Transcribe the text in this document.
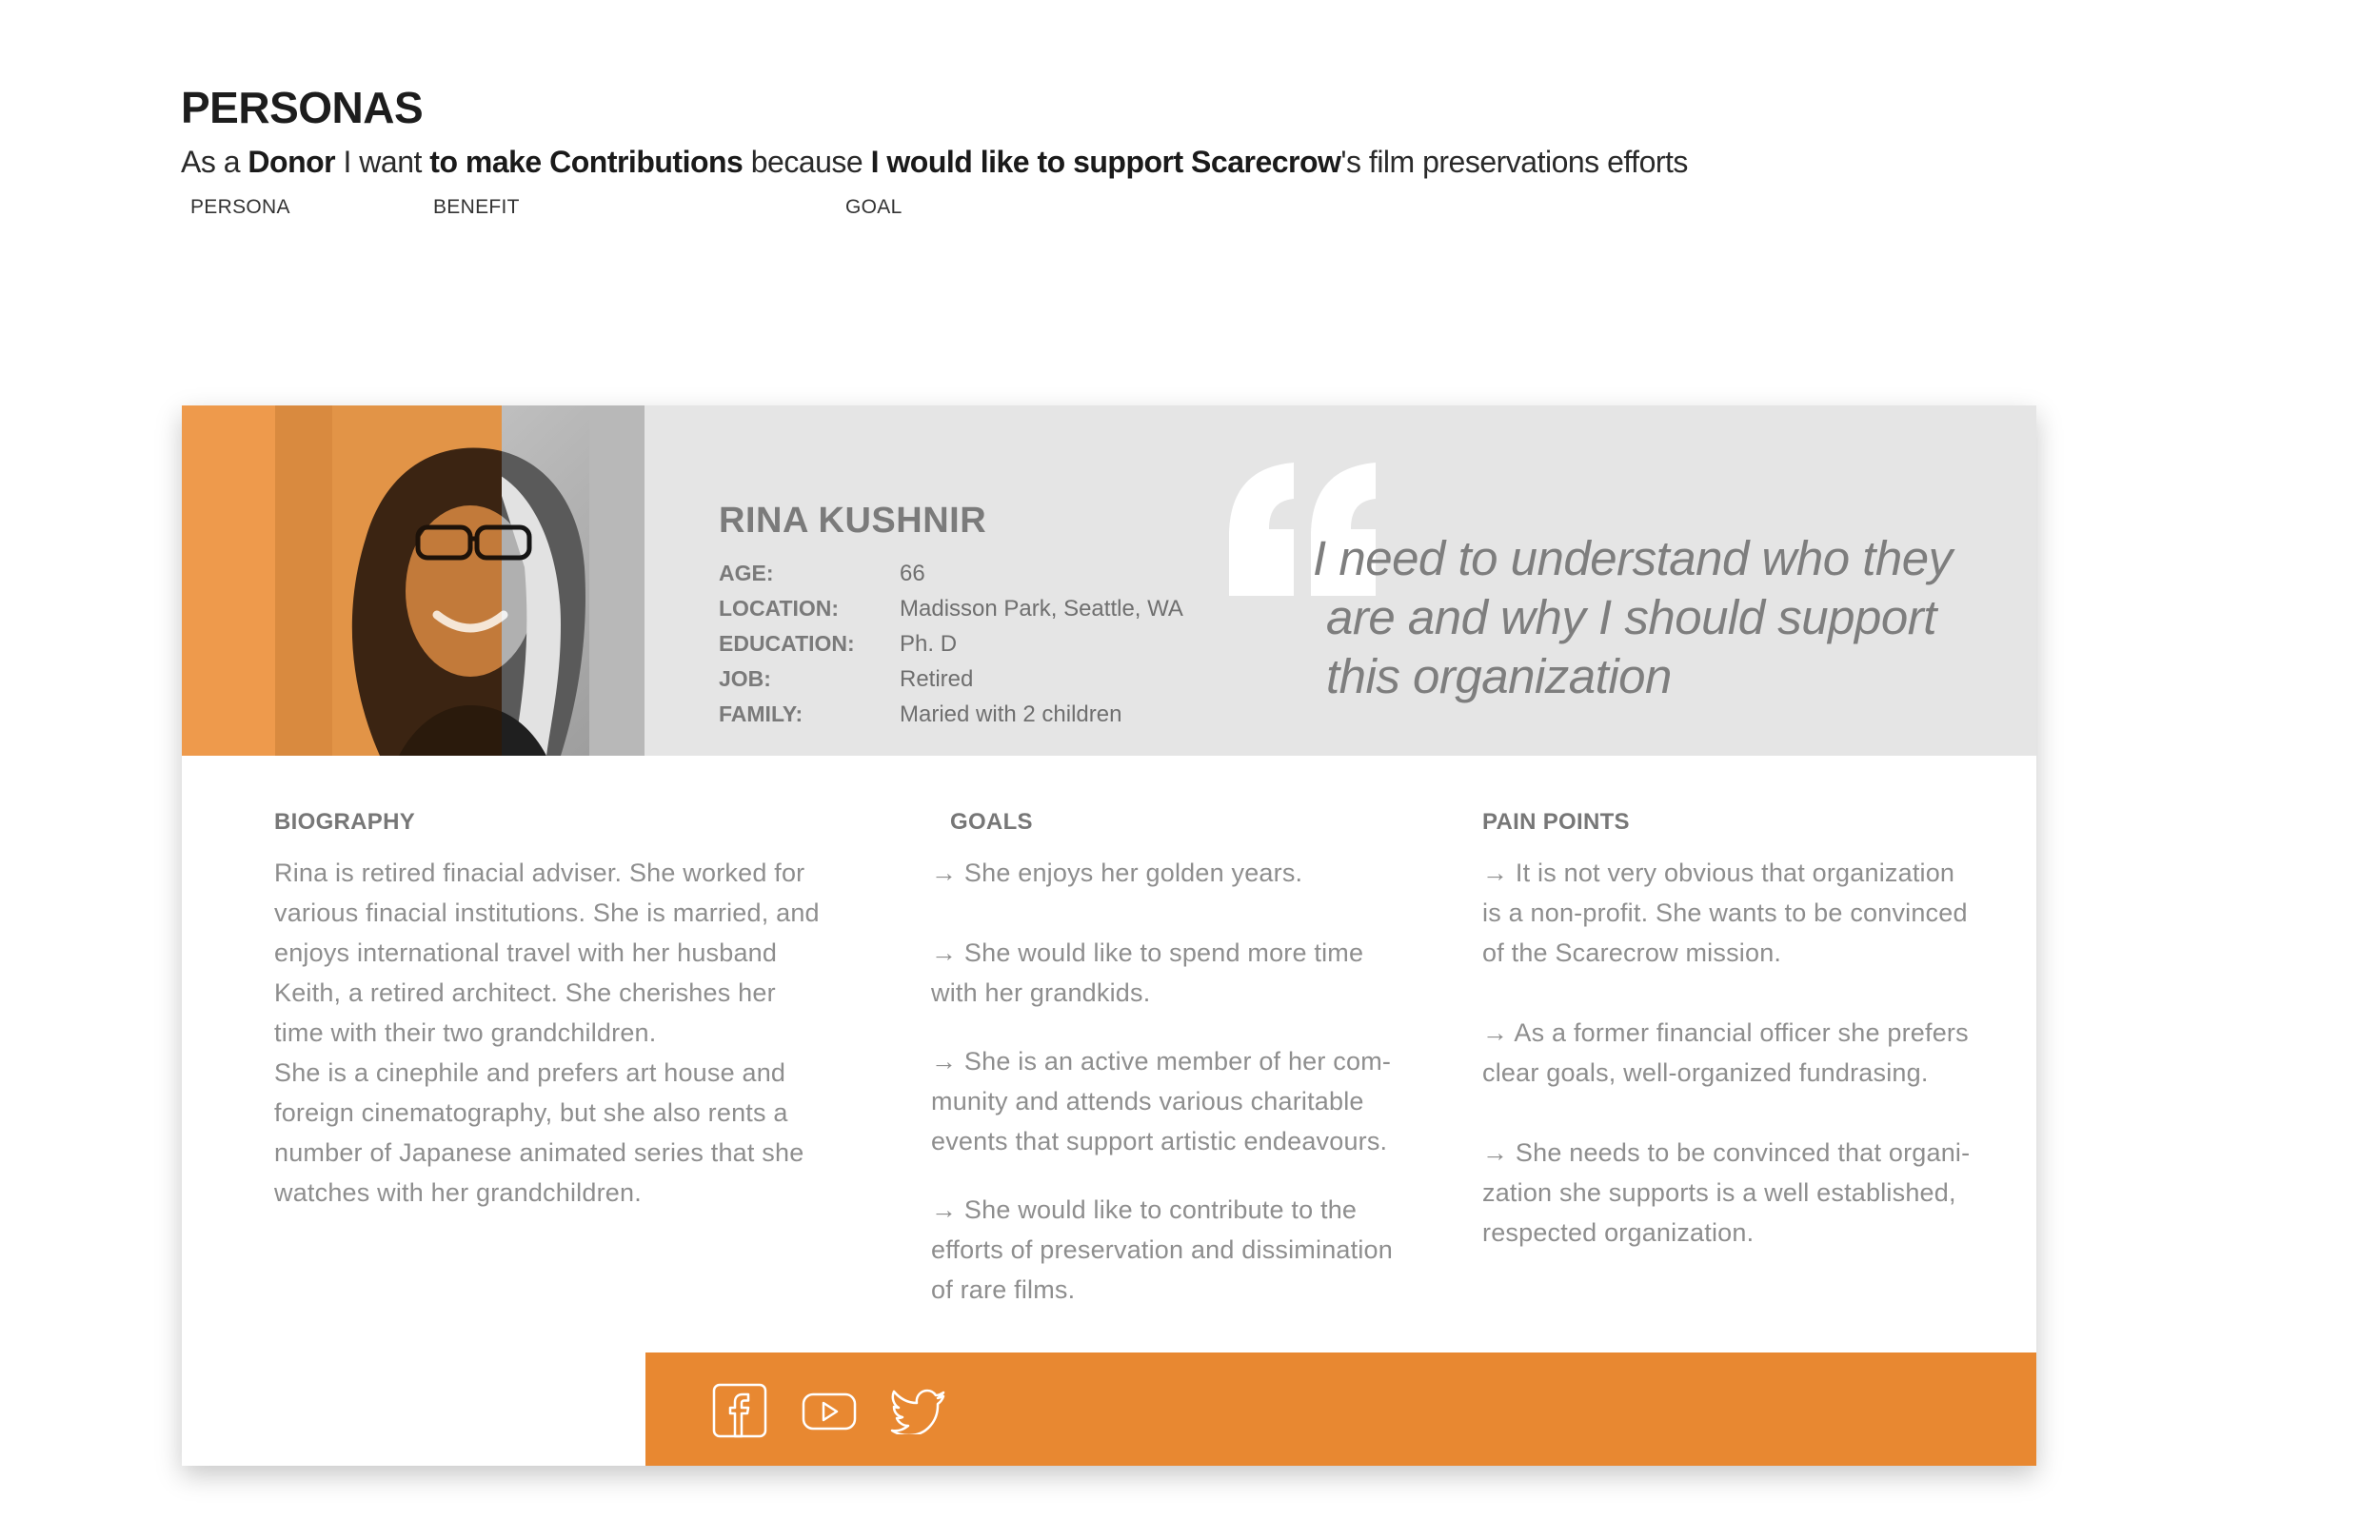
PERSONAS
As a Donor I want to make Contributions because I would like to support Scarecrow's film preservations efforts
PERSONA	BENEFIT	GOAL
RINA KUSHNIR
AGE:	66
LOCATION:	Madisson Park, Seattle, WA
EDUCATION:	Ph. D
JOB:	Retired
FAMILY:	Maried with 2 children
I need to understand who they
are and why I should support
this organization
BIOGRAPHY

Rina is retired finacial adviser. She worked for

various finacial institutions. She is married, and

enjoys international travel with her husband

Keith, a retired architect. She cherishes her

time with their two grandchildren.

She is a cinephile and prefers art house and

foreign cinematography, but she also rents a

number of Japanese animated series that she

watches with her grandchildren.

GOALS

→ She enjoys her golden years.

→ She would like to spend more time

with her grandkids.

→ She is an active member of her com-

munity and attends various charitable

events that support artistic endeavours.

→ She would like to contribute to the

efforts of preservation and dissimination

of rare films.

PAIN POINTS

→ It is not very obvious that organization

is a non-profit. She wants to be convinced

of the Scarecrow mission.

→ As a former financial officer she prefers

clear goals, well-organized fundrasing.

→ She needs to be convinced that organi-

zation she supports is a well established,

respected organization.
